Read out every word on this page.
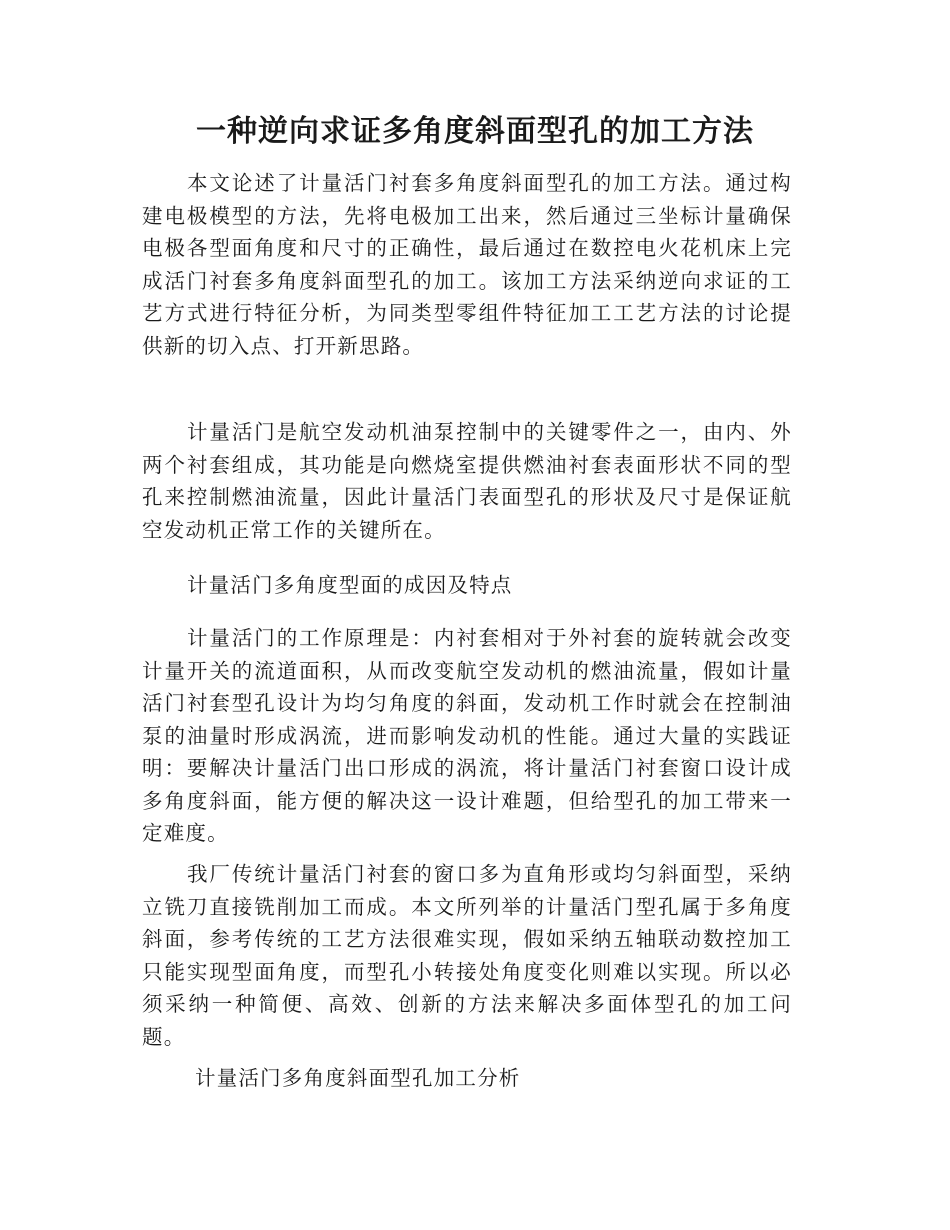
一种逆向求证多角度斜面型孔的加工方法

本文论述了计量活门衬套多角度斜面型孔的加工方法。通过构建电极模型的方法，先将电极加工出来，然后通过三坐标计量确保电极各型面角度和尺寸的正确性，最后通过在数控电火花机床上完成活门衬套多角度斜面型孔的加工。该加工方法采纳逆向求证的工艺方式进行特征分析，为同类型零组件特征加工工艺方法的讨论提供新的切入点、打开新思路。

计量活门是航空发动机油泵控制中的关键零件之一，由内、外两个衬套组成，其功能是向燃烧室提供燃油衬套表面形状不同的型孔来控制燃油流量，因此计量活门表面型孔的形状及尺寸是保证航空发动机正常工作的关键所在。

计量活门多角度型面的成因及特点

计量活门的工作原理是：内衬套相对于外衬套的旋转就会改变计量开关的流道面积，从而改变航空发动机的燃油流量，假如计量活门衬套型孔设计为均匀角度的斜面，发动机工作时就会在控制油泵的油量时形成涡流，进而影响发动机的性能。通过大量的实践证明：要解决计量活门出口形成的涡流，将计量活门衬套窗口设计成多角度斜面，能方便的解决这一设计难题，但给型孔的加工带来一定难度。

我厂传统计量活门衬套的窗口多为直角形或均匀斜面型，采纳立铣刀直接铣削加工而成。本文所列举的计量活门型孔属于多角度斜面，参考传统的工艺方法很难实现，假如采纳五轴联动数控加工只能实现型面角度，而型孔小转接处角度变化则难以实现。所以必须采纳一种简便、高效、创新的方法来解决多面体型孔的加工问题。

计量活门多角度斜面型孔加工分析
